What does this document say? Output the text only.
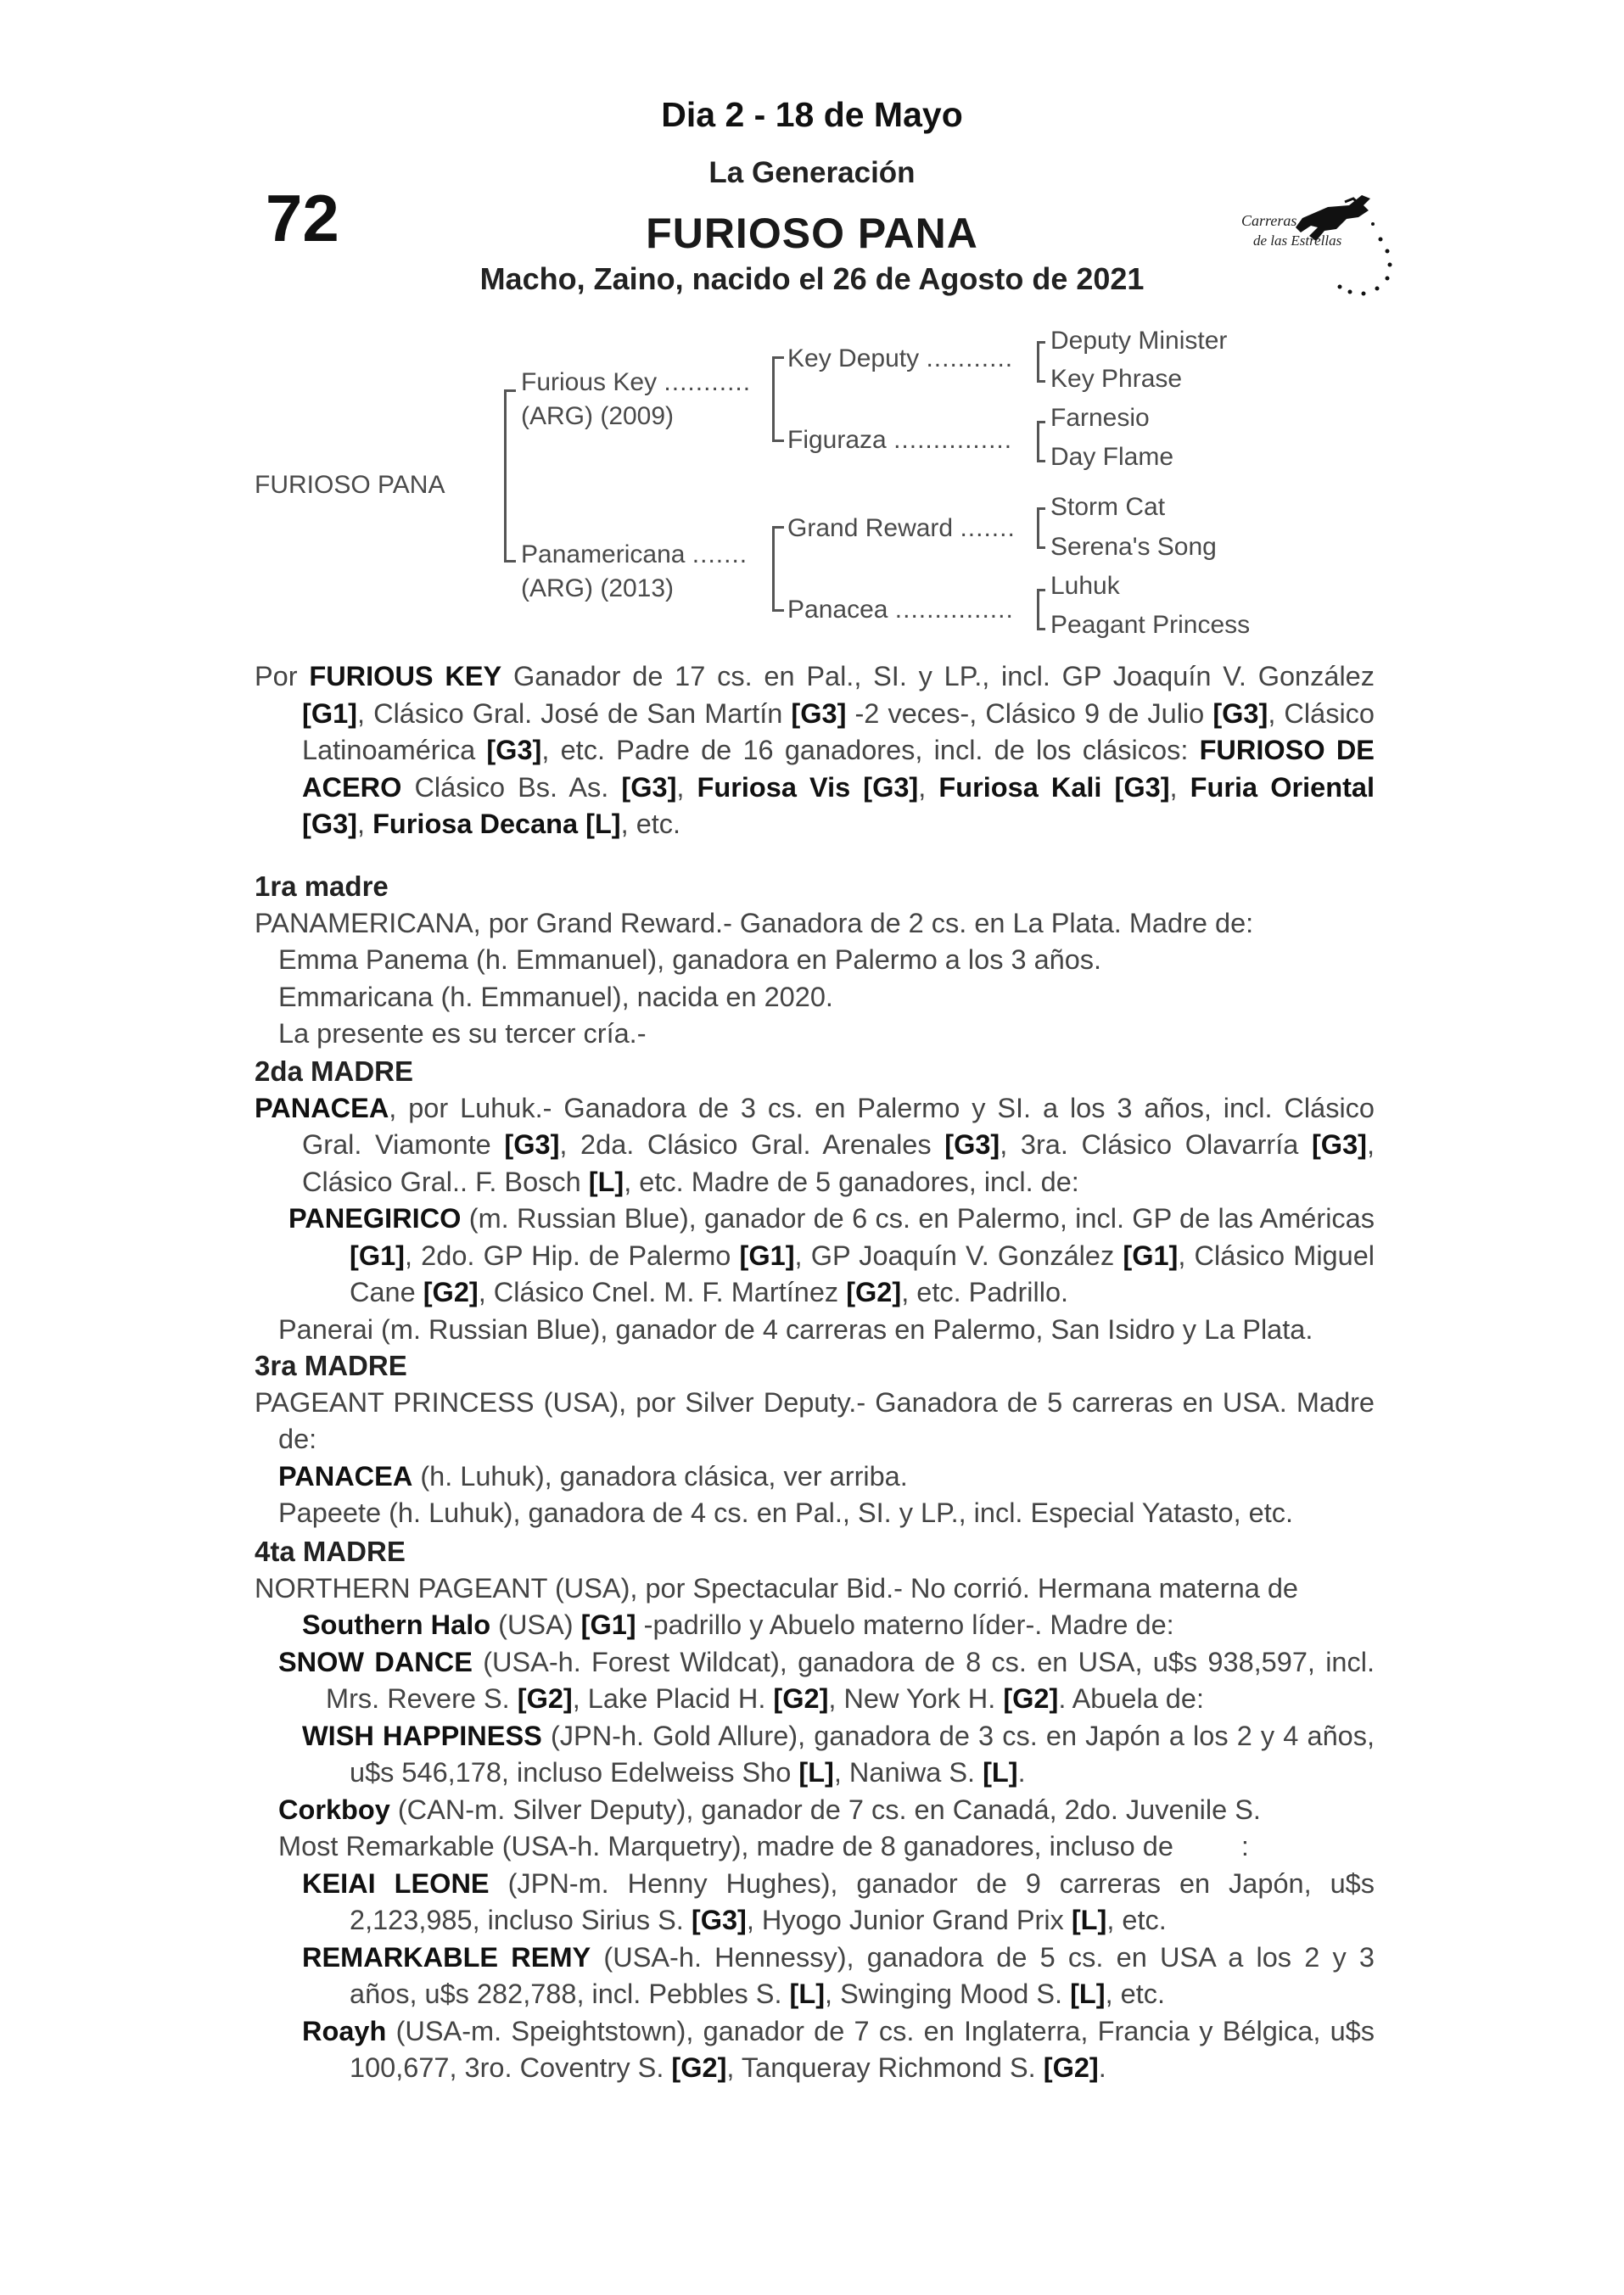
Dia 2 - 18 de Mayo
La Generación
72	FURIOSO PANA
Macho, Zaino, nacido el 26 de Agosto de 2021
Carreras
de las Estrellas
FURIOSO PANA
Furious Key ...........
(ARG) (2009)
Panamericana .......
(ARG) (2013)
Key Deputy ...........
Figuraza ...............
Grand Reward .......
Panacea ...............
Deputy Minister
Key Phrase
Farnesio
Day Flame
Storm Cat
Serena's Song
Luhuk
Peagant Princess

Por FURIOUS KEY Ganador de 17 cs. en Pal., SI. y LP., incl. GP Joaquín V. González [G1], Clásico Gral. José de San Martín [G3] -2 veces-, Clásico 9 de Julio [G3], Clásico Latinoamérica [G3], etc. Padre de 16 ganadores, incl. de los clásicos: FURIOSO DE ACERO Clásico Bs. As. [G3], Furiosa Vis [G3], Furiosa Kali [G3], Furia Oriental [G3], Furiosa Decana [L], etc.

1ra madre

PANAMERICANA, por Grand Reward.- Ganadora de 2 cs. en La Plata. Madre de:

Emma Panema (h. Emmanuel), ganadora en Palermo a los 3 años.

Emmaricana (h. Emmanuel), nacida en 2020.

La presente es su tercer cría.-

2da MADRE

PANACEA, por Luhuk.- Ganadora de 3 cs. en Palermo y SI. a los 3 años, incl. Clásico Gral. Viamonte [G3], 2da. Clásico Gral. Arenales [G3], 3ra. Clásico Olavarría [G3], Clásico Gral.. F. Bosch [L], etc. Madre de 5 ganadores, incl. de:

PANEGIRICO (m. Russian Blue), ganador de 6 cs. en Palermo, incl. GP de las Américas [G1], 2do. GP Hip. de Palermo [G1], GP Joaquín V. González [G1], Clásico Miguel Cane [G2], Clásico Cnel. M. F. Martínez [G2], etc. Padrillo.

Panerai (m. Russian Blue), ganador de 4 carreras en Palermo, San Isidro y La Plata.

3ra MADRE

PAGEANT PRINCESS (USA), por Silver Deputy.- Ganadora de 5 carreras en USA. Madre de:

PANACEA (h. Luhuk), ganadora clásica, ver arriba.

Papeete (h. Luhuk), ganadora de 4 cs. en Pal., SI. y LP., incl. Especial Yatasto, etc.

4ta MADRE

NORTHERN PAGEANT (USA), por Spectacular Bid.- No corrió. Hermana materna de

Southern Halo (USA) [G1] -padrillo y Abuelo materno líder-. Madre de:

SNOW DANCE (USA-h. Forest Wildcat), ganadora de 8 cs. en USA, u$s 938,597, incl. Mrs. Revere S. [G2], Lake Placid H. [G2], New York H. [G2]. Abuela de:

WISH HAPPINESS (JPN-h. Gold Allure), ganadora de 3 cs. en Japón a los 2 y 4 años, u$s 546,178, incluso Edelweiss Sho [L], Naniwa S. [L].

Corkboy (CAN-m. Silver Deputy), ganador de 7 cs. en Canadá, 2do. Juvenile S.

Most Remarkable (USA-h. Marquetry), madre de 8 ganadores, incluso de :

KEIAI LEONE (JPN-m. Henny Hughes), ganador de 9 carreras en Japón, u$s 2,123,985, incluso Sirius S. [G3], Hyogo Junior Grand Prix [L], etc.

REMARKABLE REMY (USA-h. Hennessy), ganadora de 5 cs. en USA a los 2 y 3 años, u$s 282,788, incl. Pebbles S. [L], Swinging Mood S. [L], etc.

Roayh (USA-m. Speightstown), ganador de 7 cs. en Inglaterra, Francia y Bélgica, u$s 100,677, 3ro. Coventry S. [G2], Tanqueray Richmond S. [G2].
